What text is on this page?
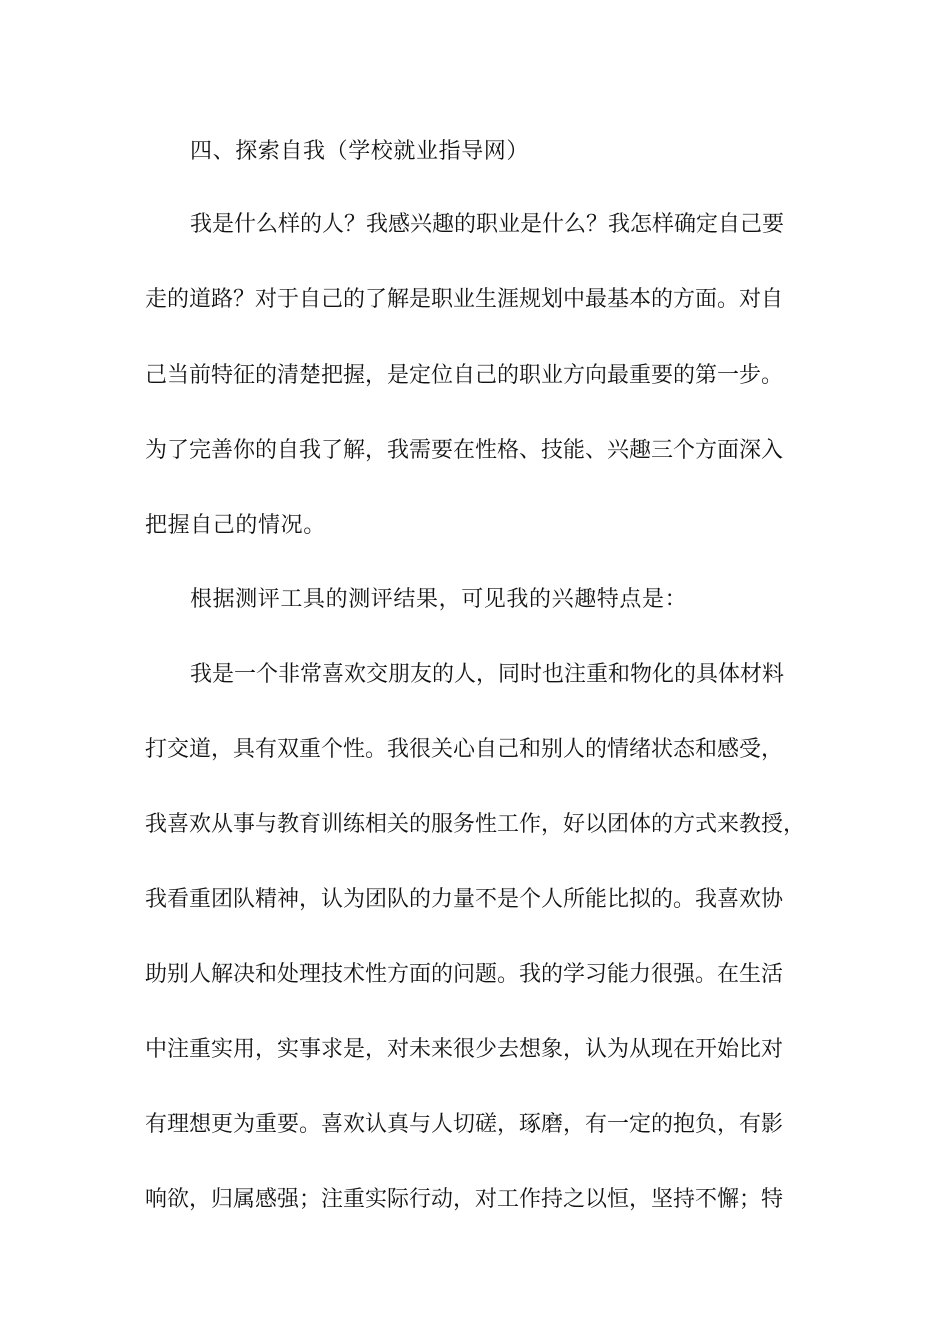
四、探索自我（学校就业指导网）
我是什么样的人？我感兴趣的职业是什么？我怎样确定自己要
走的道路？对于自己的了解是职业生涯规划中最基本的方面。对自
己当前特征的清楚把握，是定位自己的职业方向最重要的第一步。
为了完善你的自我了解，我需要在性格、技能、兴趣三个方面深入
把握自己的情况。
根据测评工具的测评结果，可见我的兴趣特点是：
我是一个非常喜欢交朋友的人，同时也注重和物化的具体材料
打交道，具有双重个性。我很关心自己和别人的情绪状态和感受，
我喜欢从事与教育训练相关的服务性工作，好以团体的方式来教授，
我看重团队精神，认为团队的力量不是个人所能比拟的。我喜欢协
助别人解决和处理技术性方面的问题。我的学习能力很强。在生活
中注重实用，实事求是，对未来很少去想象，认为从现在开始比对
有理想更为重要。喜欢认真与人切磋，琢磨，有一定的抱负，有影
响欲，归属感强；注重实际行动，对工作持之以恒，坚持不懈；特
